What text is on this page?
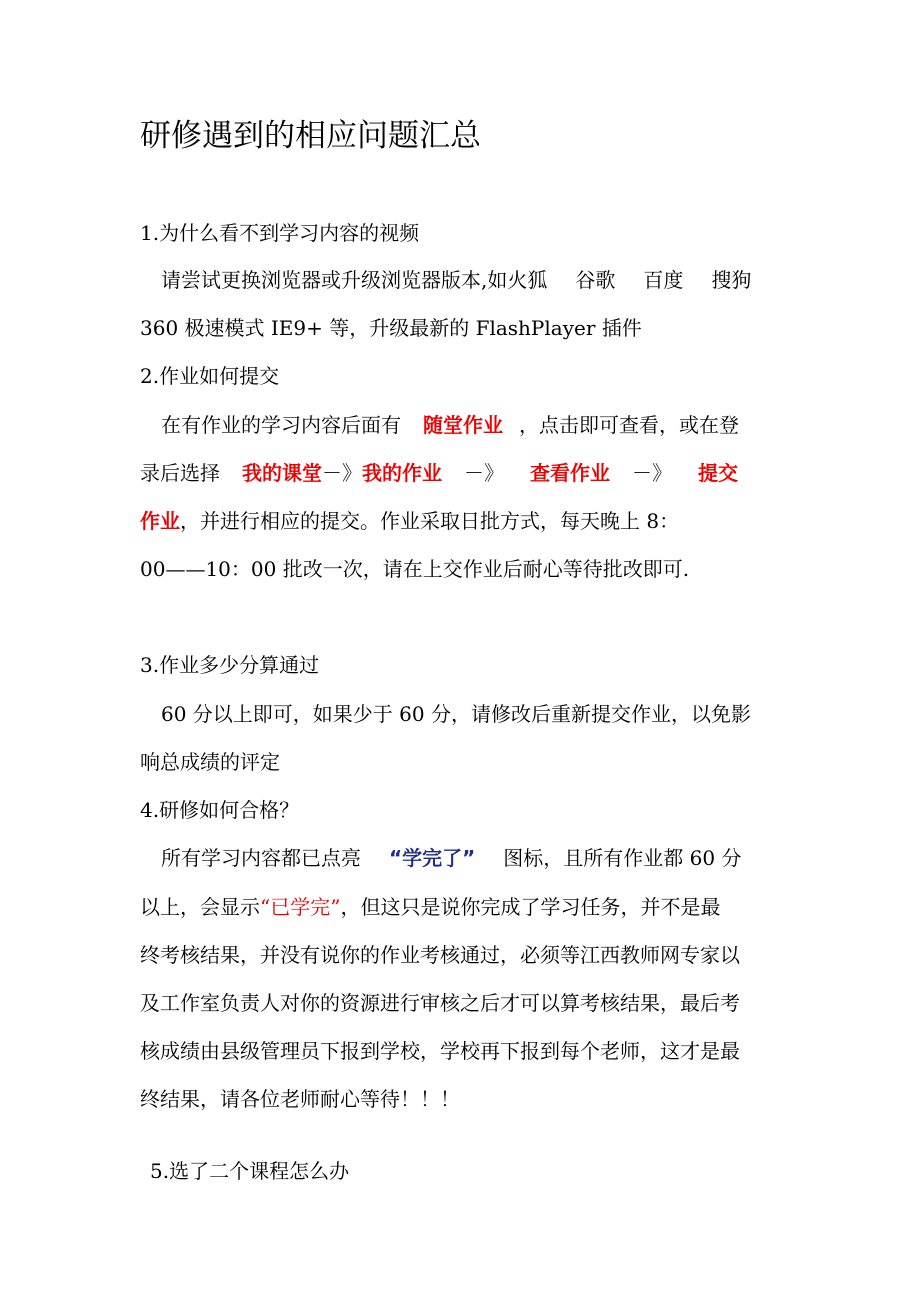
研修遇到的相应问题汇总
1.为什么看不到学习内容的视频
请尝试更换浏览器或升级浏览器版本,如火狐 谷歌 百度 搜狗
360 极速模式 IE9+ 等，升级最新的 FlashPlayer 插件
2.作业如何提交
在有作业的学习内容后面有 随堂作业 ，点击即可查看，或在登
录后选择 我的课堂－》我的作业 －》 查看作业 －》 提交
作业，并进行相应的提交。作业采取日批方式，每天晚上 8：
00——10：00 批改一次，请在上交作业后耐心等待批改即可.
3.作业多少分算通过
60 分以上即可，如果少于 60 分，请修改后重新提交作业，以免影
响总成绩的评定
4.研修如何合格？
所有学习内容都已点亮 “学完了” 图标，且所有作业都 60 分
以上，会显示“已学完”，但这只是说你完成了学习任务，并不是最
终考核结果，并没有说你的作业考核通过，必须等江西教师网专家以
及工作室负责人对你的资源进行审核之后才可以算考核结果，最后考
核成绩由县级管理员下报到学校，学校再下报到每个老师，这才是最
终结果，请各位老师耐心等待！！！
5.选了二个课程怎么办
